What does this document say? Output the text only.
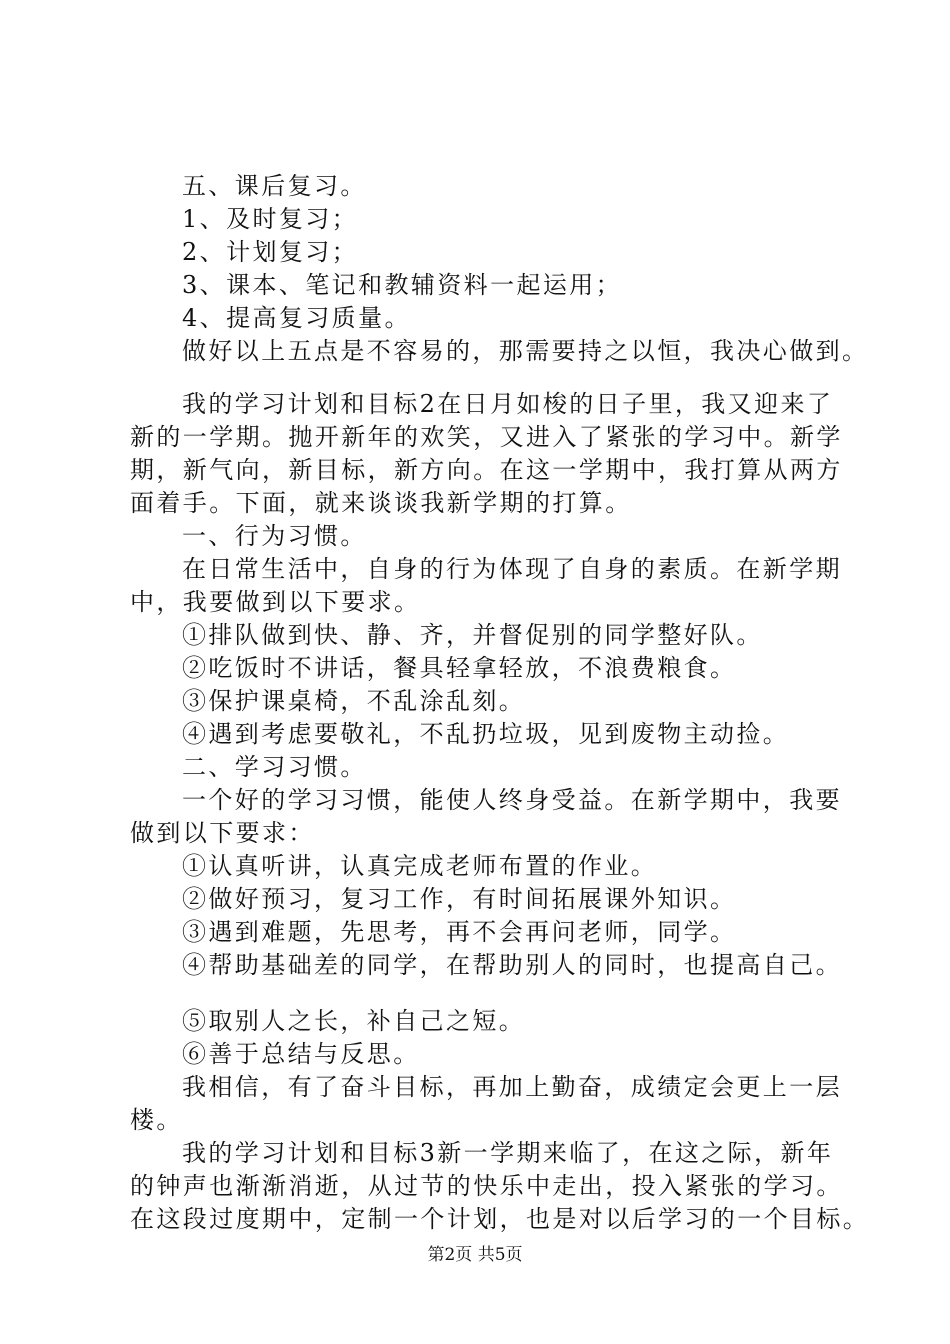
五、课后复习。
1、及时复习；
2、计划复习；
3、课本、笔记和教辅资料一起运用；
4、提高复习质量。
做好以上五点是不容易的，那需要持之以恒，我决心做到。
我的学习计划和目标2在日月如梭的日子里，我又迎来了
新的一学期。抛开新年的欢笑，又进入了紧张的学习中。新学
期，新气向，新目标，新方向。在这一学期中，我打算从两方
面着手。下面，就来谈谈我新学期的打算。
一、行为习惯。
在日常生活中，自身的行为体现了自身的素质。在新学期
中，我要做到以下要求。
①排队做到快、静、齐，并督促别的同学整好队。
②吃饭时不讲话，餐具轻拿轻放，不浪费粮食。
③保护课桌椅，不乱涂乱刻。
④遇到考虑要敬礼，不乱扔垃圾，见到废物主动捡。
二、学习习惯。
一个好的学习习惯，能使人终身受益。在新学期中，我要
做到以下要求：
①认真听讲，认真完成老师布置的作业。
②做好预习，复习工作，有时间拓展课外知识。
③遇到难题，先思考，再不会再问老师，同学。
④帮助基础差的同学，在帮助别人的同时，也提高自己。
⑤取别人之长，补自己之短。
⑥善于总结与反思。
我相信，有了奋斗目标，再加上勤奋，成绩定会更上一层
楼。
我的学习计划和目标3新一学期来临了，在这之际，新年
的钟声也渐渐消逝，从过节的快乐中走出，投入紧张的学习。
在这段过度期中，定制一个计划，也是对以后学习的一个目标。
第2页 共5页
